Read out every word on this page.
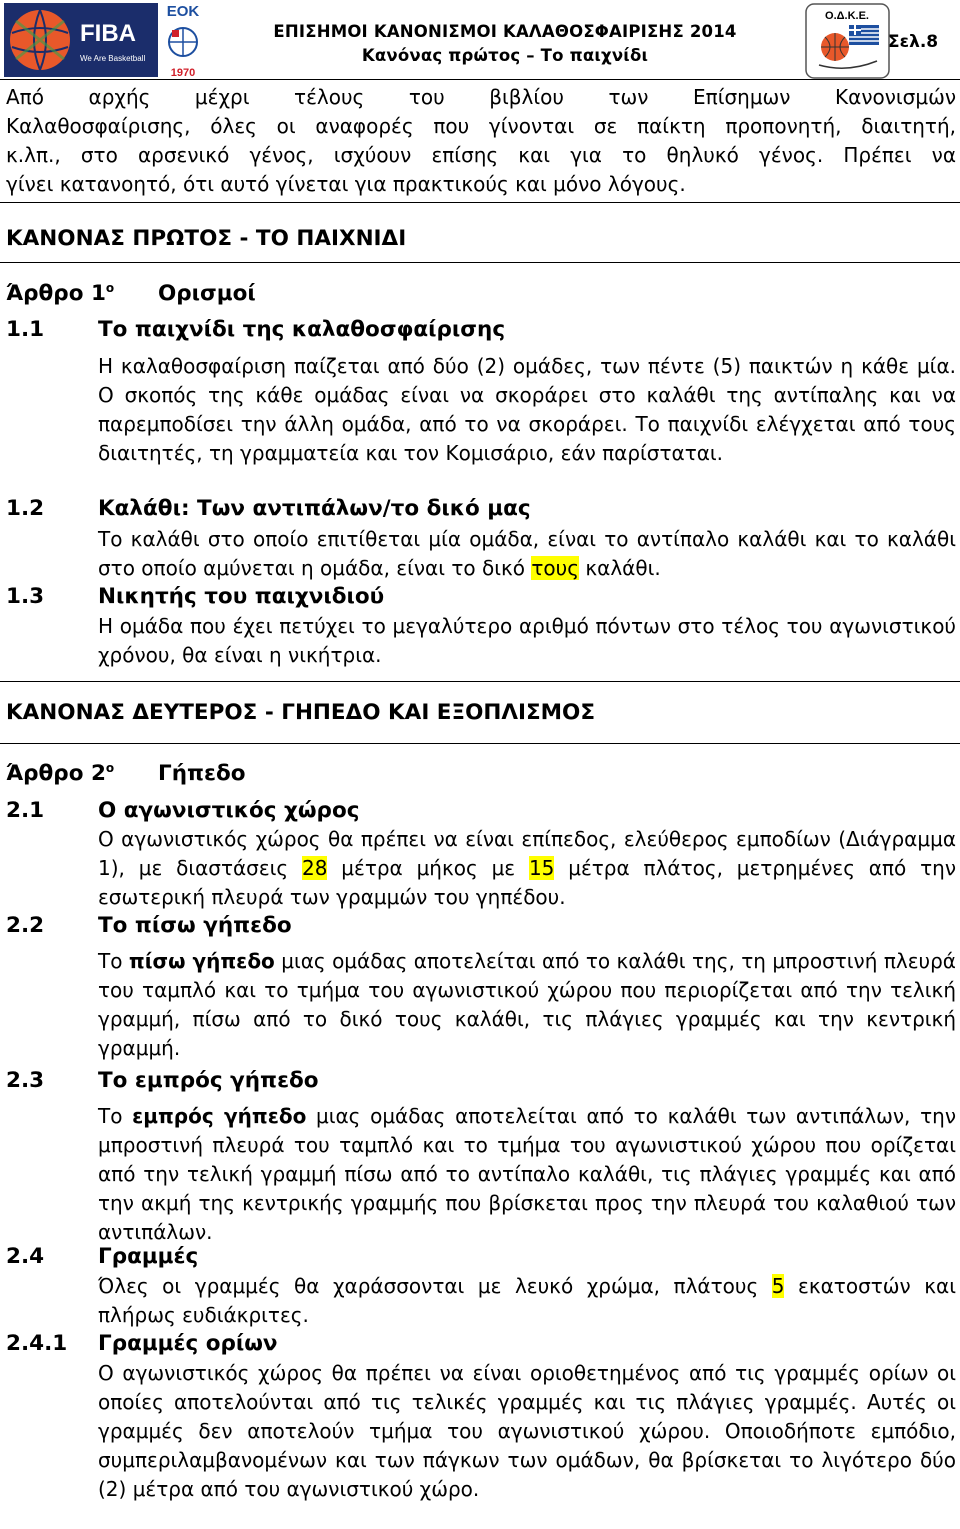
FIBA
We Are Basketball
ΕΟΚ
1970
ΕΠΙΣΗΜΟΙ ΚΑΝΟΝΙΣΜΟΙ ΚΑΛΑΘΟΣΦΑΙΡΙΣΗΣ 2014
Κανόνας πρώτος – Το παιχνίδι
Ο.Δ.Κ.Ε.
Σελ.8
Από αρχής μέχρι τέλους του βιβλίου των Επίσημων Κανονισμών
Καλαθοσφαίρισης, όλες οι αναφορές που γίνονται σε παίκτη προπονητή, διαιτητή,
κ.λπ., στο αρσενικό γένος, ισχύουν επίσης και για το θηλυκό γένος. Πρέπει να
γίνει κατανοητό, ότι αυτό γίνεται για πρακτικούς και μόνο λόγους.
ΚΑΝΟΝΑΣ ΠΡΩΤΟΣ - ΤΟ ΠΑΙΧΝΙΔΙ
Άρθρο $1^o$ Ορισμοί
1.1	Το παιχνίδι της καλαθοσφαίρισης
Η καλαθοσφαίριση παίζεται από δύο (2) ομάδες, των πέντε (5) παικτών η κάθε μία. Ο σκοπός της κάθε ομάδας είναι να σκοράρει στο καλάθι της αντίπαλης και να παρεμποδίσει την άλλη ομάδα, από το να σκοράρει. Το παιχνίδι ελέγχεται από τους διαιτητές, τη γραμματεία και τον Κομισάριο, εάν παρίσταται.
1.2	Καλάθι: Των αντιπάλων/το δικό μας
Το καλάθι στο οποίο επιτίθεται μία ομάδα, είναι το αντίπαλο καλάθι και το καλάθι στο οποίο αμύνεται η ομάδα, είναι το δικό τους καλάθι.
1.3	Νικητής του παιχνιδιού
Η ομάδα που έχει πετύχει το μεγαλύτερο αριθμό πόντων στο τέλος του αγωνιστικού χρόνου, θα είναι η νικήτρια.
ΚΑΝΟΝΑΣ ΔΕΥΤΕΡΟΣ - ΓΗΠΕΔΟ ΚΑΙ ΕΞΟΠΛΙΣΜΟΣ
Άρθρο $2^o$ Γήπεδο
2.1	Ο αγωνιστικός χώρος
Ο αγωνιστικός χώρος θα πρέπει να είναι επίπεδος, ελεύθερος εμποδίων (Διάγραμμα 1), με διαστάσεις 28 μέτρα μήκος με 15 μέτρα πλάτος, μετρημένες από την εσωτερική πλευρά των γραμμών του γηπέδου.
2.2	Το πίσω γήπεδο
Το πίσω γήπεδο μιας ομάδας αποτελείται από το καλάθι της, τη μπροστινή πλευρά του ταμπλό και το τμήμα του αγωνιστικού χώρου που περιορίζεται από την τελική γραμμή, πίσω από το δικό τους καλάθι, τις πλάγιες γραμμές και την κεντρική γραμμή.
2.3	Το εμπρός γήπεδο
Το εμπρός γήπεδο μιας ομάδας αποτελείται από το καλάθι των αντιπάλων, την μπροστινή πλευρά του ταμπλό και το τμήμα του αγωνιστικού χώρου που ορίζεται από την τελική γραμμή πίσω από το αντίπαλο καλάθι, τις πλάγιες γραμμές και από την ακμή της κεντρικής γραμμής που βρίσκεται προς την πλευρά του καλαθιού των αντιπάλων.
2.4	Γραμμές
Όλες οι γραμμές θα χαράσσονται με λευκό χρώμα, πλάτους 5 εκατοστών και πλήρως ευδιάκριτες.
2.4.1 Γραμμές ορίων
Ο αγωνιστικός χώρος θα πρέπει να είναι οριοθετημένος από τις γραμμές ορίων οι οποίες αποτελούνται από τις τελικές γραμμές και τις πλάγιες γραμμές. Αυτές οι γραμμές δεν αποτελούν τμήμα του αγωνιστικού χώρου. Οποιοδήποτε εμπόδιο, συμπεριλαμβανομένων και των πάγκων των ομάδων, θα βρίσκεται το λιγότερο δύο (2) μέτρα από του αγωνιστικού χώρο.
